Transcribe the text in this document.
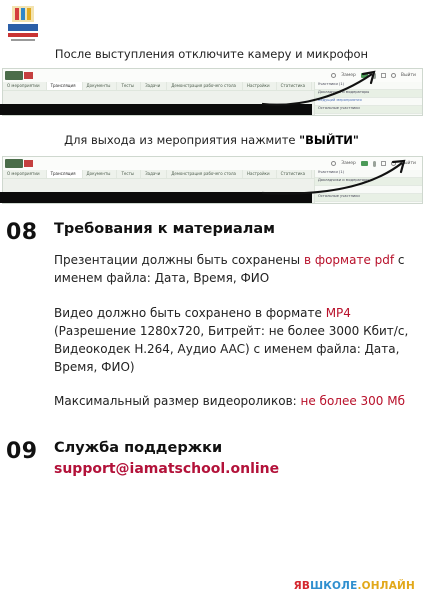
После выступления отключите камеру и микрофон
Замер	Выйти
О мероприятии	Трансляция	Документы	Тесты	Задачи	Демонстрация рабочего стола	Настройки	Статистика	Участники (1)
Докладчики и модераторы
Ведущий мероприятия
Остальные участники
Для выхода из мероприятия нажмите "ВЫЙТИ"
Замер	Выйти
О мероприятии	Трансляция	Документы	Тесты	Задачи	Демонстрация рабочего стола	Настройки	Статистика	Участники (1)
Докладчики и модераторы
Остальные участники
08 Требования к материалам
Презентации должны быть сохранены в формате pdf с именем файла: Дата, Время, ФИО
Видео должно быть сохранено в формате MP4 (Разрешение 1280x720, Битрейт: не более 3000 Кбит/с, Видеокодек H.264, Аудио AAC) с именем файла: Дата, Время, ФИО)
Максимальный размер видеороликов: не более 300 Мб
09 Служба поддержки
support@iamatschool.online
ЯВШКОЛЕ.ОНЛАЙН
